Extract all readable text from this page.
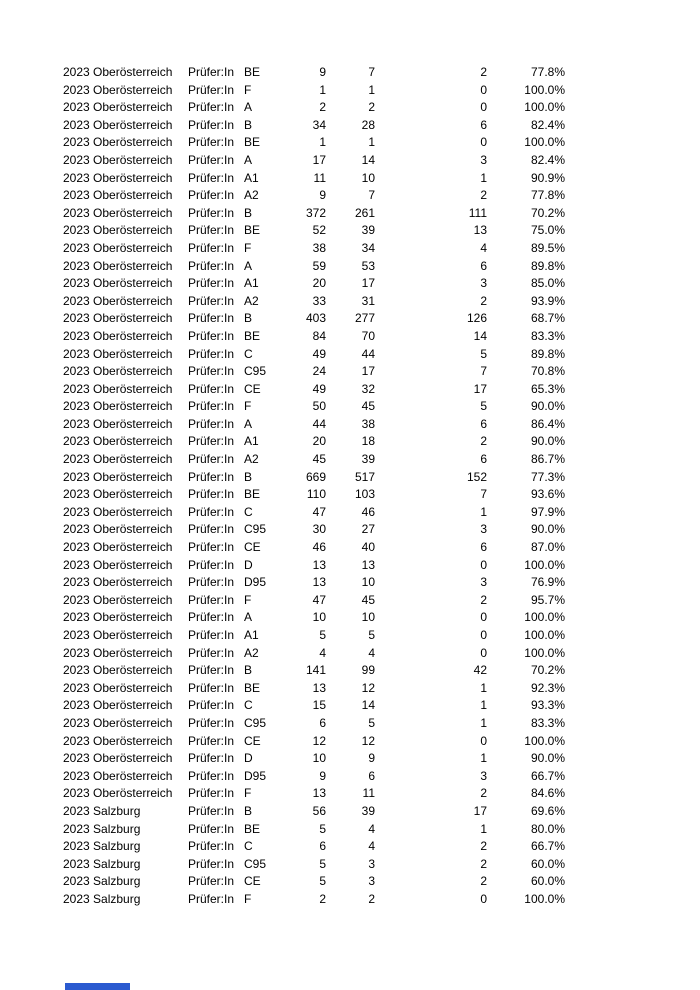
2023 Oberösterreich	Prüfer:In BE	9	7	2	77.8%
2023 Oberösterreich	Prüfer:In F	1	1	0	100.0%
2023 Oberösterreich	Prüfer:In A	2	2	0	100.0%
2023 Oberösterreich	Prüfer:In B	34	28	6	82.4%
2023 Oberösterreich	Prüfer:In BE	1	1	0	100.0%
2023 Oberösterreich	Prüfer:In A	17	14	3	82.4%
2023 Oberösterreich	Prüfer:In A1	11	10	1	90.9%
2023 Oberösterreich	Prüfer:In A2	9	7	2	77.8%
2023 Oberösterreich	Prüfer:In B	372	261	111	70.2%
2023 Oberösterreich	Prüfer:In BE	52	39	13	75.0%
2023 Oberösterreich	Prüfer:In F	38	34	4	89.5%
2023 Oberösterreich	Prüfer:In A	59	53	6	89.8%
2023 Oberösterreich	Prüfer:In A1	20	17	3	85.0%
2023 Oberösterreich	Prüfer:In A2	33	31	2	93.9%
2023 Oberösterreich	Prüfer:In B	403	277	126	68.7%
2023 Oberösterreich	Prüfer:In BE	84	70	14	83.3%
2023 Oberösterreich	Prüfer:In C	49	44	5	89.8%
2023 Oberösterreich	Prüfer:In C95	24	17	7	70.8%
2023 Oberösterreich	Prüfer:In CE	49	32	17	65.3%
2023 Oberösterreich	Prüfer:In F	50	45	5	90.0%
2023 Oberösterreich	Prüfer:In A	44	38	6	86.4%
2023 Oberösterreich	Prüfer:In A1	20	18	2	90.0%
2023 Oberösterreich	Prüfer:In A2	45	39	6	86.7%
2023 Oberösterreich	Prüfer:In B	669	517	152	77.3%
2023 Oberösterreich	Prüfer:In BE	110	103	7	93.6%
2023 Oberösterreich	Prüfer:In C	47	46	1	97.9%
2023 Oberösterreich	Prüfer:In C95	30	27	3	90.0%
2023 Oberösterreich	Prüfer:In CE	46	40	6	87.0%
2023 Oberösterreich	Prüfer:In D	13	13	0	100.0%
2023 Oberösterreich	Prüfer:In D95	13	10	3	76.9%
2023 Oberösterreich	Prüfer:In F	47	45	2	95.7%
2023 Oberösterreich	Prüfer:In A	10	10	0	100.0%
2023 Oberösterreich	Prüfer:In A1	5	5	0	100.0%
2023 Oberösterreich	Prüfer:In A2	4	4	0	100.0%
2023 Oberösterreich	Prüfer:In B	141	99	42	70.2%
2023 Oberösterreich	Prüfer:In BE	13	12	1	92.3%
2023 Oberösterreich	Prüfer:In C	15	14	1	93.3%
2023 Oberösterreich	Prüfer:In C95	6	5	1	83.3%
2023 Oberösterreich	Prüfer:In CE	12	12	0	100.0%
2023 Oberösterreich	Prüfer:In D	10	9	1	90.0%
2023 Oberösterreich	Prüfer:In D95	9	6	3	66.7%
2023 Oberösterreich	Prüfer:In F	13	11	2	84.6%
2023 Salzburg	Prüfer:In B	56	39	17	69.6%
2023 Salzburg	Prüfer:In BE	5	4	1	80.0%
2023 Salzburg	Prüfer:In C	6	4	2	66.7%
2023 Salzburg	Prüfer:In C95	5	3	2	60.0%
2023 Salzburg	Prüfer:In CE	5	3	2	60.0%
2023 Salzburg	Prüfer:In F	2	2	0	100.0%
